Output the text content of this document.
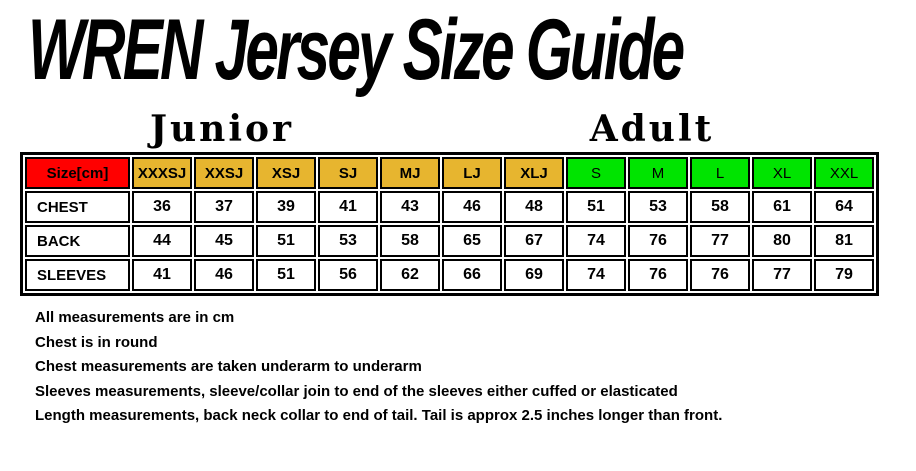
WREN Jersey Size Guide
Junior	Adult
Size[cm]	XXXSJ	XXSJ	XSJ	SJ	MJ	LJ	XLJ	S	M	L	XL	XXL
CHEST	36	37	39	41	43	46	48	51	53	58	61	64
BACK	44	45	51	53	58	65	67	74	76	77	80	81
SLEEVES	41	46	51	56	62	66	69	74	76	76	77	79
All measurements are in cm
Chest is in round
Chest measurements are taken underarm to underarm
Sleeves measurements, sleeve/collar join to end of the sleeves either cuffed or elasticated
Length measurements, back neck collar to end of tail. Tail is approx 2.5 inches longer than front.
